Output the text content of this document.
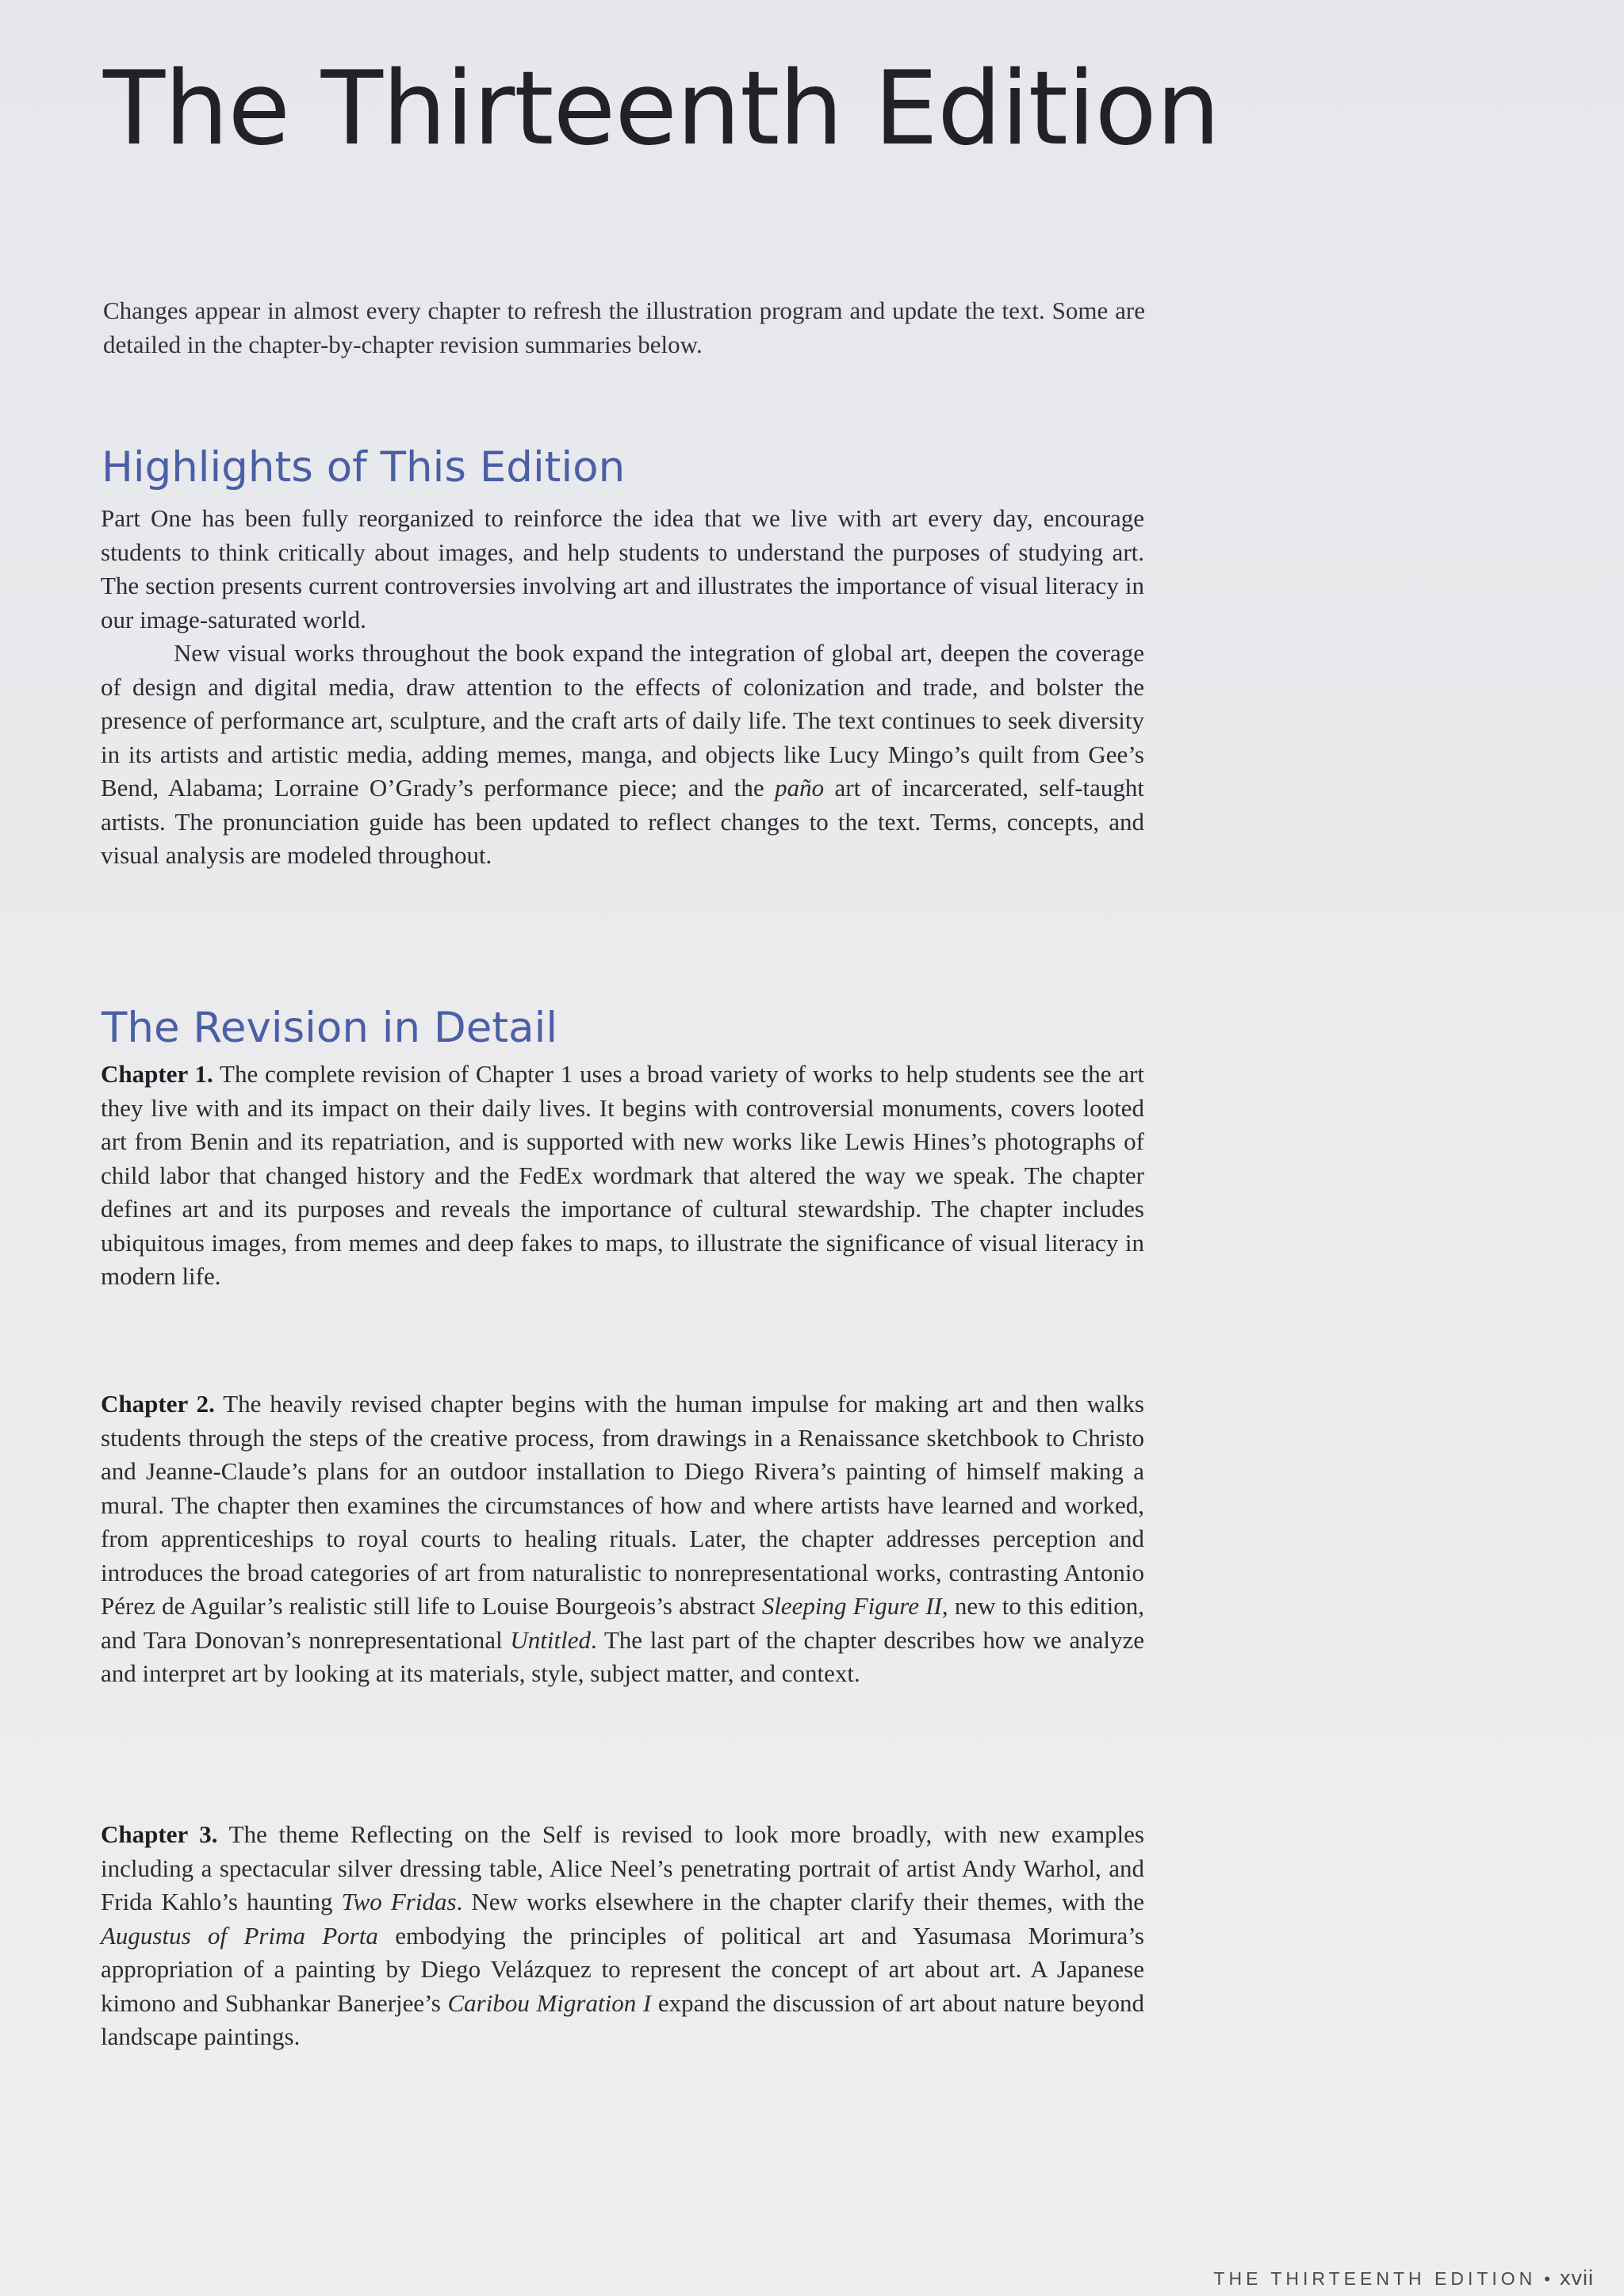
The Thirteenth Edition

Changes appear in almost every chapter to refresh the illustration program and update the text. Some are detailed in the chapter-by-chapter revision summaries below.

Highlights of This Edition

Part One has been fully reorganized to reinforce the idea that we live with art every day, encourage students to think critically about images, and help students to understand the purposes of studying art. The section presents current controversies involving art and illustrates the importance of visual literacy in our image-saturated world.

New visual works throughout the book expand the integration of global art, deepen the coverage of design and digital media, draw attention to the effects of colonization and trade, and bolster the presence of performance art, sculpture, and the craft arts of daily life. The text continues to seek diversity in its artists and artistic media, adding memes, manga, and objects like Lucy Mingo’s quilt from Gee’s Bend, Alabama; Lorraine O’Grady’s performance piece; and the paño art of incarcerated, self-taught artists. The pronunciation guide has been updated to reflect changes to the text. Terms, concepts, and visual analysis are modeled throughout.

The Revision in Detail

Chapter 1. The complete revision of Chapter 1 uses a broad variety of works to help students see the art they live with and its impact on their daily lives. It begins with controversial monuments, covers looted art from Benin and its repatriation, and is supported with new works like Lewis Hines’s photographs of child labor that changed history and the FedEx wordmark that altered the way we speak. The chapter defines art and its purposes and reveals the importance of cultural stewardship. The chapter includes ubiquitous images, from memes and deep fakes to maps, to illustrate the significance of visual literacy in modern life.

Chapter 2. The heavily revised chapter begins with the human impulse for making art and then walks students through the steps of the creative process, from drawings in a Renaissance sketchbook to Christo and Jeanne-Claude’s plans for an outdoor installation to Diego Rivera’s painting of himself making a mural. The chapter then examines the circumstances of how and where artists have learned and worked, from apprenticeships to royal courts to healing rituals. Later, the chapter addresses perception and introduces the broad categories of art from naturalistic to nonrepresentational works, contrasting Antonio Pérez de Aguilar’s realistic still life to Louise Bourgeois’s abstract Sleeping Figure II, new to this edition, and Tara Donovan’s nonrepresentational Untitled. The last part of the chapter describes how we analyze and interpret art by looking at its materials, style, subject matter, and context.

Chapter 3. The theme Reflecting on the Self is revised to look more broadly, with new examples including a spectacular silver dressing table, Alice Neel’s penetrating portrait of artist Andy Warhol, and Frida Kahlo’s haunting Two Fridas. New works elsewhere in the chapter clarify their themes, with the Augustus of Prima Porta embodying the principles of political art and Yasumasa Morimura’s appropriation of a painting by Diego Velázquez to represent the concept of art about art. A Japanese kimono and Subhankar Banerjee’s Caribou Migration I expand the discussion of art about nature beyond landscape paintings.

THE THIRTEENTH EDITION • xvii
